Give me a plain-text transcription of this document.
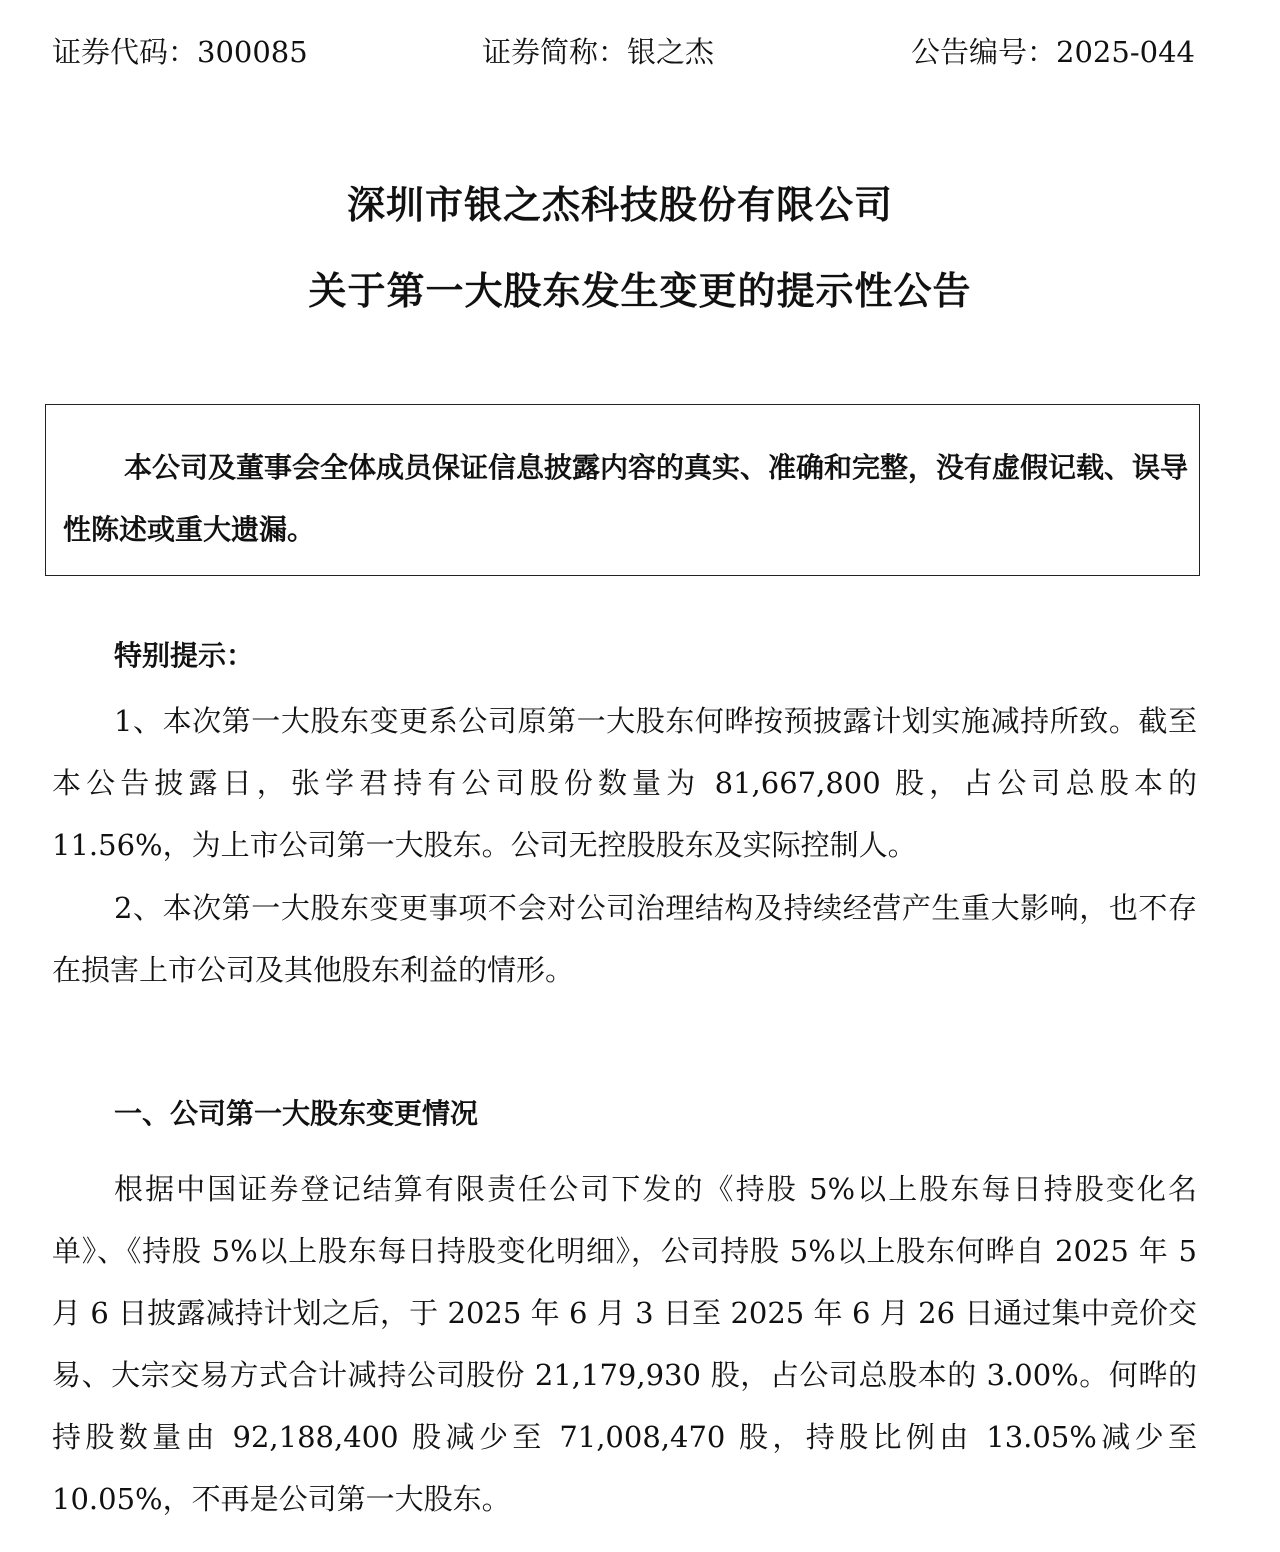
证券代码：300085	证券简称：银之杰	公告编号：2025-044
深圳市银之杰科技股份有限公司
关于第一大股东发生变更的提示性公告
本公司及董事会全体成员保证信息披露内容的真实、准确和完整，没有虚假记载、误导性陈述或重大遗漏。
特别提示：
1、本次第一大股东变更系公司原第一大股东何晔按预披露计划实施减持所致。截至本公告披露日，张学君持有公司股份数量为 81,667,800 股，占公司总股本的 11.56%，为上市公司第一大股东。公司无控股股东及实际控制人。
2、本次第一大股东变更事项不会对公司治理结构及持续经营产生重大影响，也不存在损害上市公司及其他股东利益的情形。
一、公司第一大股东变更情况
根据中国证券登记结算有限责任公司下发的《持股 5%以上股东每日持股变化名单》、《持股 5%以上股东每日持股变化明细》，公司持股 5%以上股东何晔自 2025 年 5 月 6 日披露减持计划之后，于 2025 年 6 月 3 日至 2025 年 6 月 26 日通过集中竞价交易、大宗交易方式合计减持公司股份 21,179,930 股，占公司总股本的 3.00%。何晔的持股数量由 92,188,400 股减少至 71,008,470 股，持股比例由 13.05%减少至 10.05%，不再是公司第一大股东。
